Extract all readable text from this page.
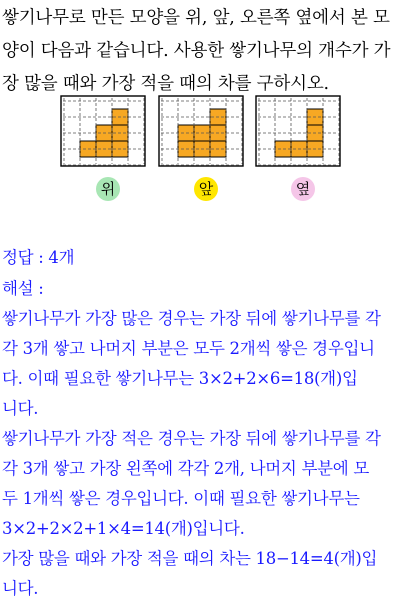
쌓기나무로 만든 모양을 위, 앞, 오른쪽 옆에서 본 모양이 다음과 같습니다. 사용한 쌓기나무의 개수가 가장 많을 때와 가장 적을 때의 차를 구하시오.
위	앞	옆
정답 : 4개
해설 :
쌓기나무가 가장 많은 경우는 가장 뒤에 쌓기나무를 각
각 3개 쌓고 나머지 부분은 모두 2개씩 쌓은 경우입니
다. 이때 필요한 쌓기나무는 3×2+2×6=18(개)입
니다.
쌓기나무가 가장 적은 경우는 가장 뒤에 쌓기나무를 각
각 3개 쌓고 가장 왼쪽에 각각 2개, 나머지 부분에 모
두 1개씩 쌓은 경우입니다. 이때 필요한 쌓기나무는
3×2+2×2+1×4=14(개)입니다.
가장 많을 때와 가장 적을 때의 차는 18−14=4(개)입
니다.
